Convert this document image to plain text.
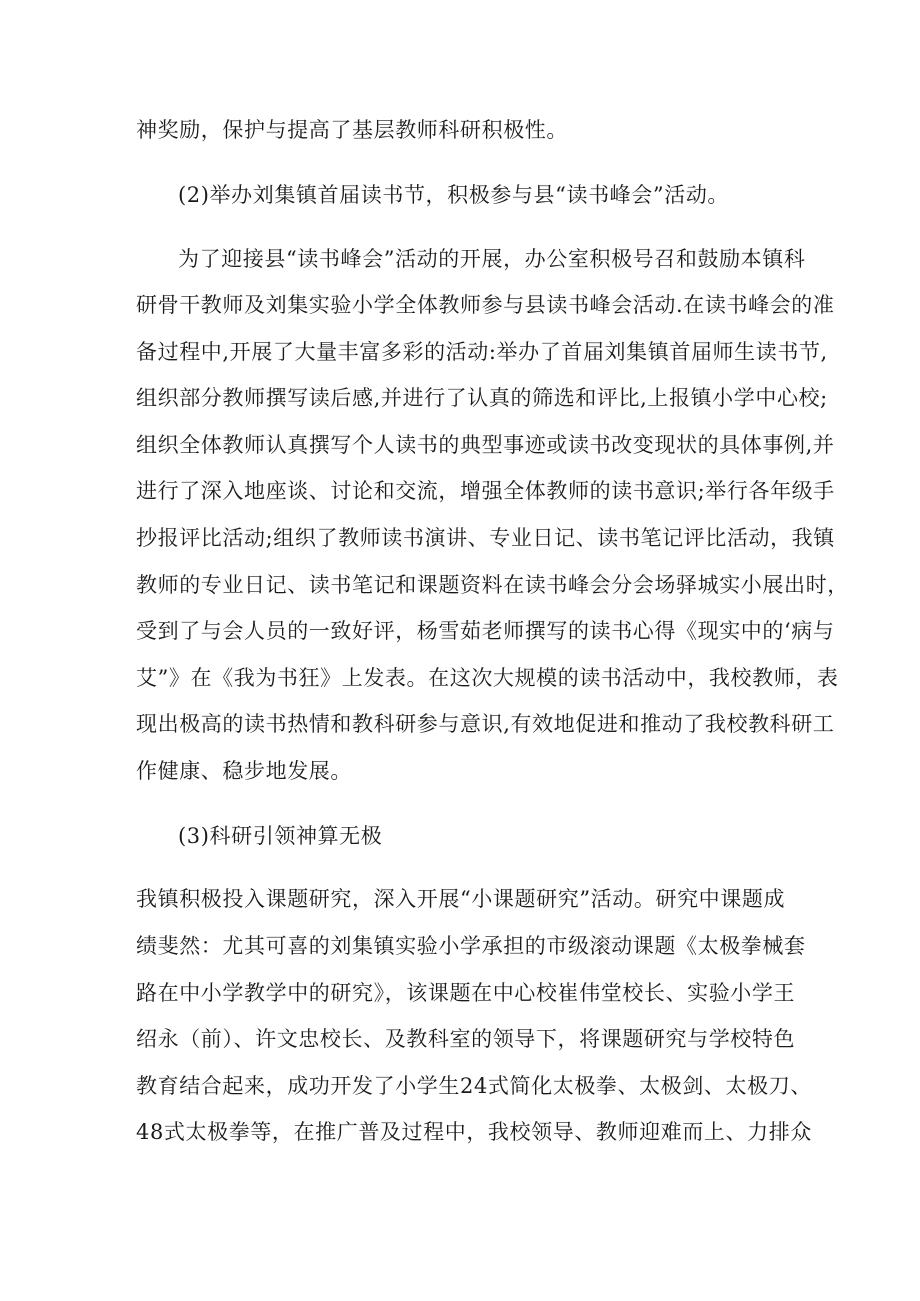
神奖励，保护与提高了基层教师科研积极性。
(2)举办刘集镇首届读书节，积极参与县“读书峰会”活动。
为了迎接县“读书峰会”活动的开展，办公室积极号召和鼓励本镇科
研骨干教师及刘集实验小学全体教师参与县读书峰会活动.在读书峰会的准
备过程中,开展了大量丰富多彩的活动:举办了首届刘集镇首届师生读书节,
组织部分教师撰写读后感,并进行了认真的筛选和评比,上报镇小学中心校;
组织全体教师认真撰写个人读书的典型事迹或读书改变现状的具体事例,并
进行了深入地座谈、讨论和交流，增强全体教师的读书意识;举行各年级手
抄报评比活动;组织了教师读书演讲、专业日记、读书笔记评比活动，我镇
教师的专业日记、读书笔记和课题资料在读书峰会分会场驿城实小展出时，
受到了与会人员的一致好评，杨雪茹老师撰写的读书心得《现实中的‘病与
艾”》在《我为书狂》上发表。在这次大规模的读书活动中，我校教师，表
现出极高的读书热情和教科研参与意识,有效地促进和推动了我校教科研工
作健康、稳步地发展。
(3)科研引领神算无极
我镇积极投入课题研究，深入开展“小课题研究”活动。研究中课题成
绩斐然：尤其可喜的刘集镇实验小学承担的市级滚动课题《太极拳械套
路在中小学教学中的研究》，该课题在中心校崔伟堂校长、实验小学王
绍永（前）、许文忠校长、及教科室的领导下，将课题研究与学校特色
教育结合起来，成功开发了小学生24式简化太极拳、太极剑、太极刀、
48式太极拳等，在推广普及过程中，我校领导、教师迎难而上、力排众
